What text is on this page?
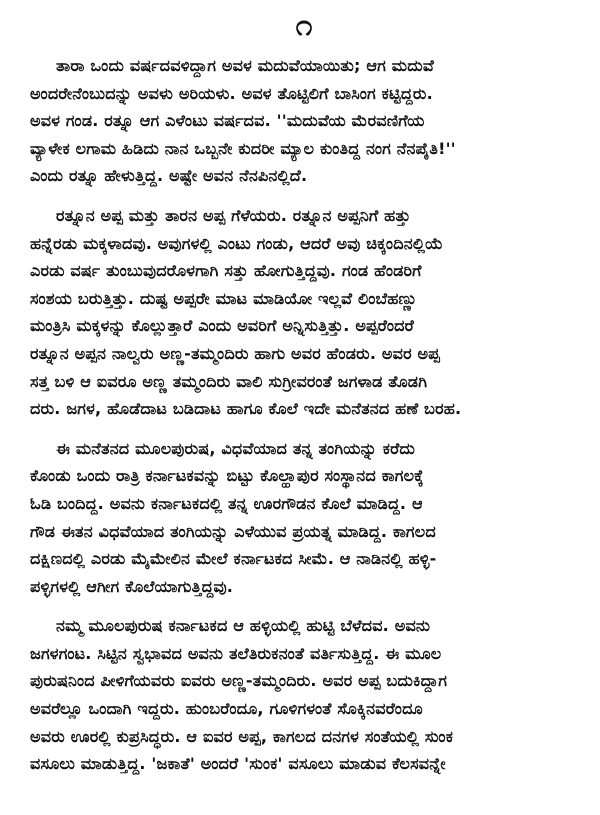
೧

ತಾರಾ ಒಂದು ವರ್ಷದವಳಿದ್ದಾಗ ಅವಳ ಮದುವೆಯಾಯಿತು; ಆಗ ಮದುವೆ
ಅಂದರೇನೆಂಬುದನ್ನು ಅವಳು ಅರಿಯಳು. ಅವಳ ತೊಟ್ಟಿಲಿಗೆ ಬಾಸಿಂಗ ಕಟ್ಟಿದ್ದರು.
ಅವಳ ಗಂಡ. ರತ್ನೂ ಆಗ ಎಳೆಂಟು ವರ್ಷದವ. ''ಮದುವೆಯ ಮೆರವಣಿಗೆಯ
ವ್ಯಾಳೇಕ ಲಗಾಮ ಹಿಡಿದು ನಾನ ಒಬ್ಬನೇ ಕುದರೀ ಮ್ಯಾಲ ಕುಂತಿದ್ದ ನಂಗ ನೆನಪೈತಿ!''
ಎಂದು ರತ್ನೂ ಹೇಳುತ್ತಿದ್ದ. ಅಷ್ಟೇ ಅವನ ನೆನಪಿನಲ್ಲಿದೆ.

ರತ್ನೂನ ಅಪ್ಪ ಮತ್ತು ತಾರನ ಅಪ್ಪ ಗೆಳೆಯರು. ರತ್ನೂನ ಅಪ್ಪನಿಗೆ ಹತ್ತು
ಹನ್ನೆರಡು ಮಕ್ಕಳಾದವು. ಅವುಗಳಲ್ಲಿ ಎಂಟು ಗಂಡು, ಆದರೆ ಅವು ಚಿಕ್ಕಂದಿನಲ್ಲಿಯೆ
ಎರಡು ವರ್ಷ ತುಂಬುವುದರೊಳಗಾಗಿ ಸತ್ತು ಹೋಗುತ್ತಿದ್ದವು. ಗಂಡ ಹೆಂಡರಿಗೆ
ಸಂಶಯ ಬರುತ್ತಿತ್ತು. ದುಷ್ಟ ಅಪ್ಪರೇ ಮಾಟ ಮಾಡಿಯೋ ಇಲ್ಲವೆ ಲಿಂಬೆಹಣ್ಣು
ಮಂತ್ರಿಸಿ ಮಕ್ಕಳನ್ನು ಕೊಲ್ಲುತ್ತಾರೆ ಎಂದು ಅವರಿಗೆ ಅನ್ನಿಸುತ್ತಿತ್ತು. ಅಪ್ಪರೆಂದರೆ
ರತ್ನೂನ ಅಪ್ಪನ ನಾಲ್ವರು ಅಣ್ಣ-ತಮ್ಮಂದಿರು ಹಾಗು ಅವರ ಹೆಂಡರು. ಅವರ ಅಪ್ಪ
ಸತ್ತ ಬಳಿ ಆ ಐವರೂ ಅಣ್ಣ ತಮ್ಮಂದಿರು ವಾಲಿ ಸುಗ್ರೀವರಂತೆ ಜಗಳಾಡ ತೊಡಗಿ
ದರು. ಜಗಳ, ಹೊಡೆದಾಟ ಬಡಿದಾಟ ಹಾಗೂ ಕೊಲೆ ಇದೇ ಮನೆತನದ ಹಣೆ ಬರಹ.

ಈ ಮನೆತನದ ಮೂಲಪುರುಷ, ವಿಧವೆಯಾದ ತನ್ನ ತಂಗಿಯನ್ನು ಕರೆದು
ಕೊಂಡು ಒಂದು ರಾತ್ರಿ ಕರ್ನಾಟಕವನ್ನು ಬಿಟ್ಟು ಕೊಲ್ಹಾಪುರ ಸಂಸ್ಥಾನದ ಕಾಗಲಕ್ಕೆ
ಓಡಿ ಬಂದಿದ್ದ. ಅವನು ಕರ್ನಾಟಕದಲ್ಲಿ ತನ್ನ ಊರಗೌಡನ ಕೊಲೆ ಮಾಡಿದ್ದ. ಆ
ಗೌಡ ಈತನ ವಿಧವೆಯಾದ ತಂಗಿಯನ್ನು ಎಳೆಯುವ ಪ್ರಯತ್ನ ಮಾಡಿದ್ದ. ಕಾಗಲದ
ದಕ್ಷಿಣದಲ್ಲಿ ಎರಡು ಮೈಮೇಲಿನ ಮೇಲೆ ಕರ್ನಾಟಕದ ಸೀಮೆ. ಆ ನಾಡಿನಲ್ಲಿ ಹಳ್ಳಿ-
ಪಳ್ಳಿಗಳಲ್ಲಿ ಆಗೀಗ ಕೊಲೆಯಾಗುತ್ತಿದ್ದವು.

ನಮ್ಮ ಮೂಲಪುರುಷ ಕರ್ನಾಟಕದ ಆ ಹಳ್ಳಿಯಲ್ಲಿ ಹುಟ್ಟಿ ಬೆಳೆದವ. ಅವನು
ಜಗಳಗಂಟ. ಸಿಟ್ಟಿನ ಸ್ವಭಾವದ ಅವನು ತಲೆತಿರುಕನಂತೆ ವರ್ತಿಸುತ್ತಿದ್ದ. ಈ ಮೂಲ
ಪುರುಷನಿಂದ ಪೀಳಿಗೆಯವರು ಐವರು ಅಣ್ಣ-ತಮ್ಮಂದಿರು. ಅವರ ಅಪ್ಪ ಬದುಕಿದ್ದಾಗ
ಅವರೆಲ್ಲೂ ಒಂದಾಗಿ ಇದ್ದರು. ಹುಂಬರೆಂದೂ, ಗೂಳಿಗಳಂತೆ ಸೊಕ್ಕಿನವರೆಂದೂ
ಅವರು ಊರಲ್ಲಿ ಕುಪ್ರಸಿದ್ಧರು. ಆ ಐವರ ಅಪ್ಪ, ಕಾಗಲದ ದನಗಳ ಸಂತೆಯಲ್ಲಿ ಸುಂಕ
ವಸೂಲು ಮಾಡುತ್ತಿದ್ದ. 'ಜಕಾತೆ' ಅಂದರೆ 'ಸುಂಕ' ವಸೂಲು ಮಾಡುವ ಕೆಲಸವನ್ನೇ
